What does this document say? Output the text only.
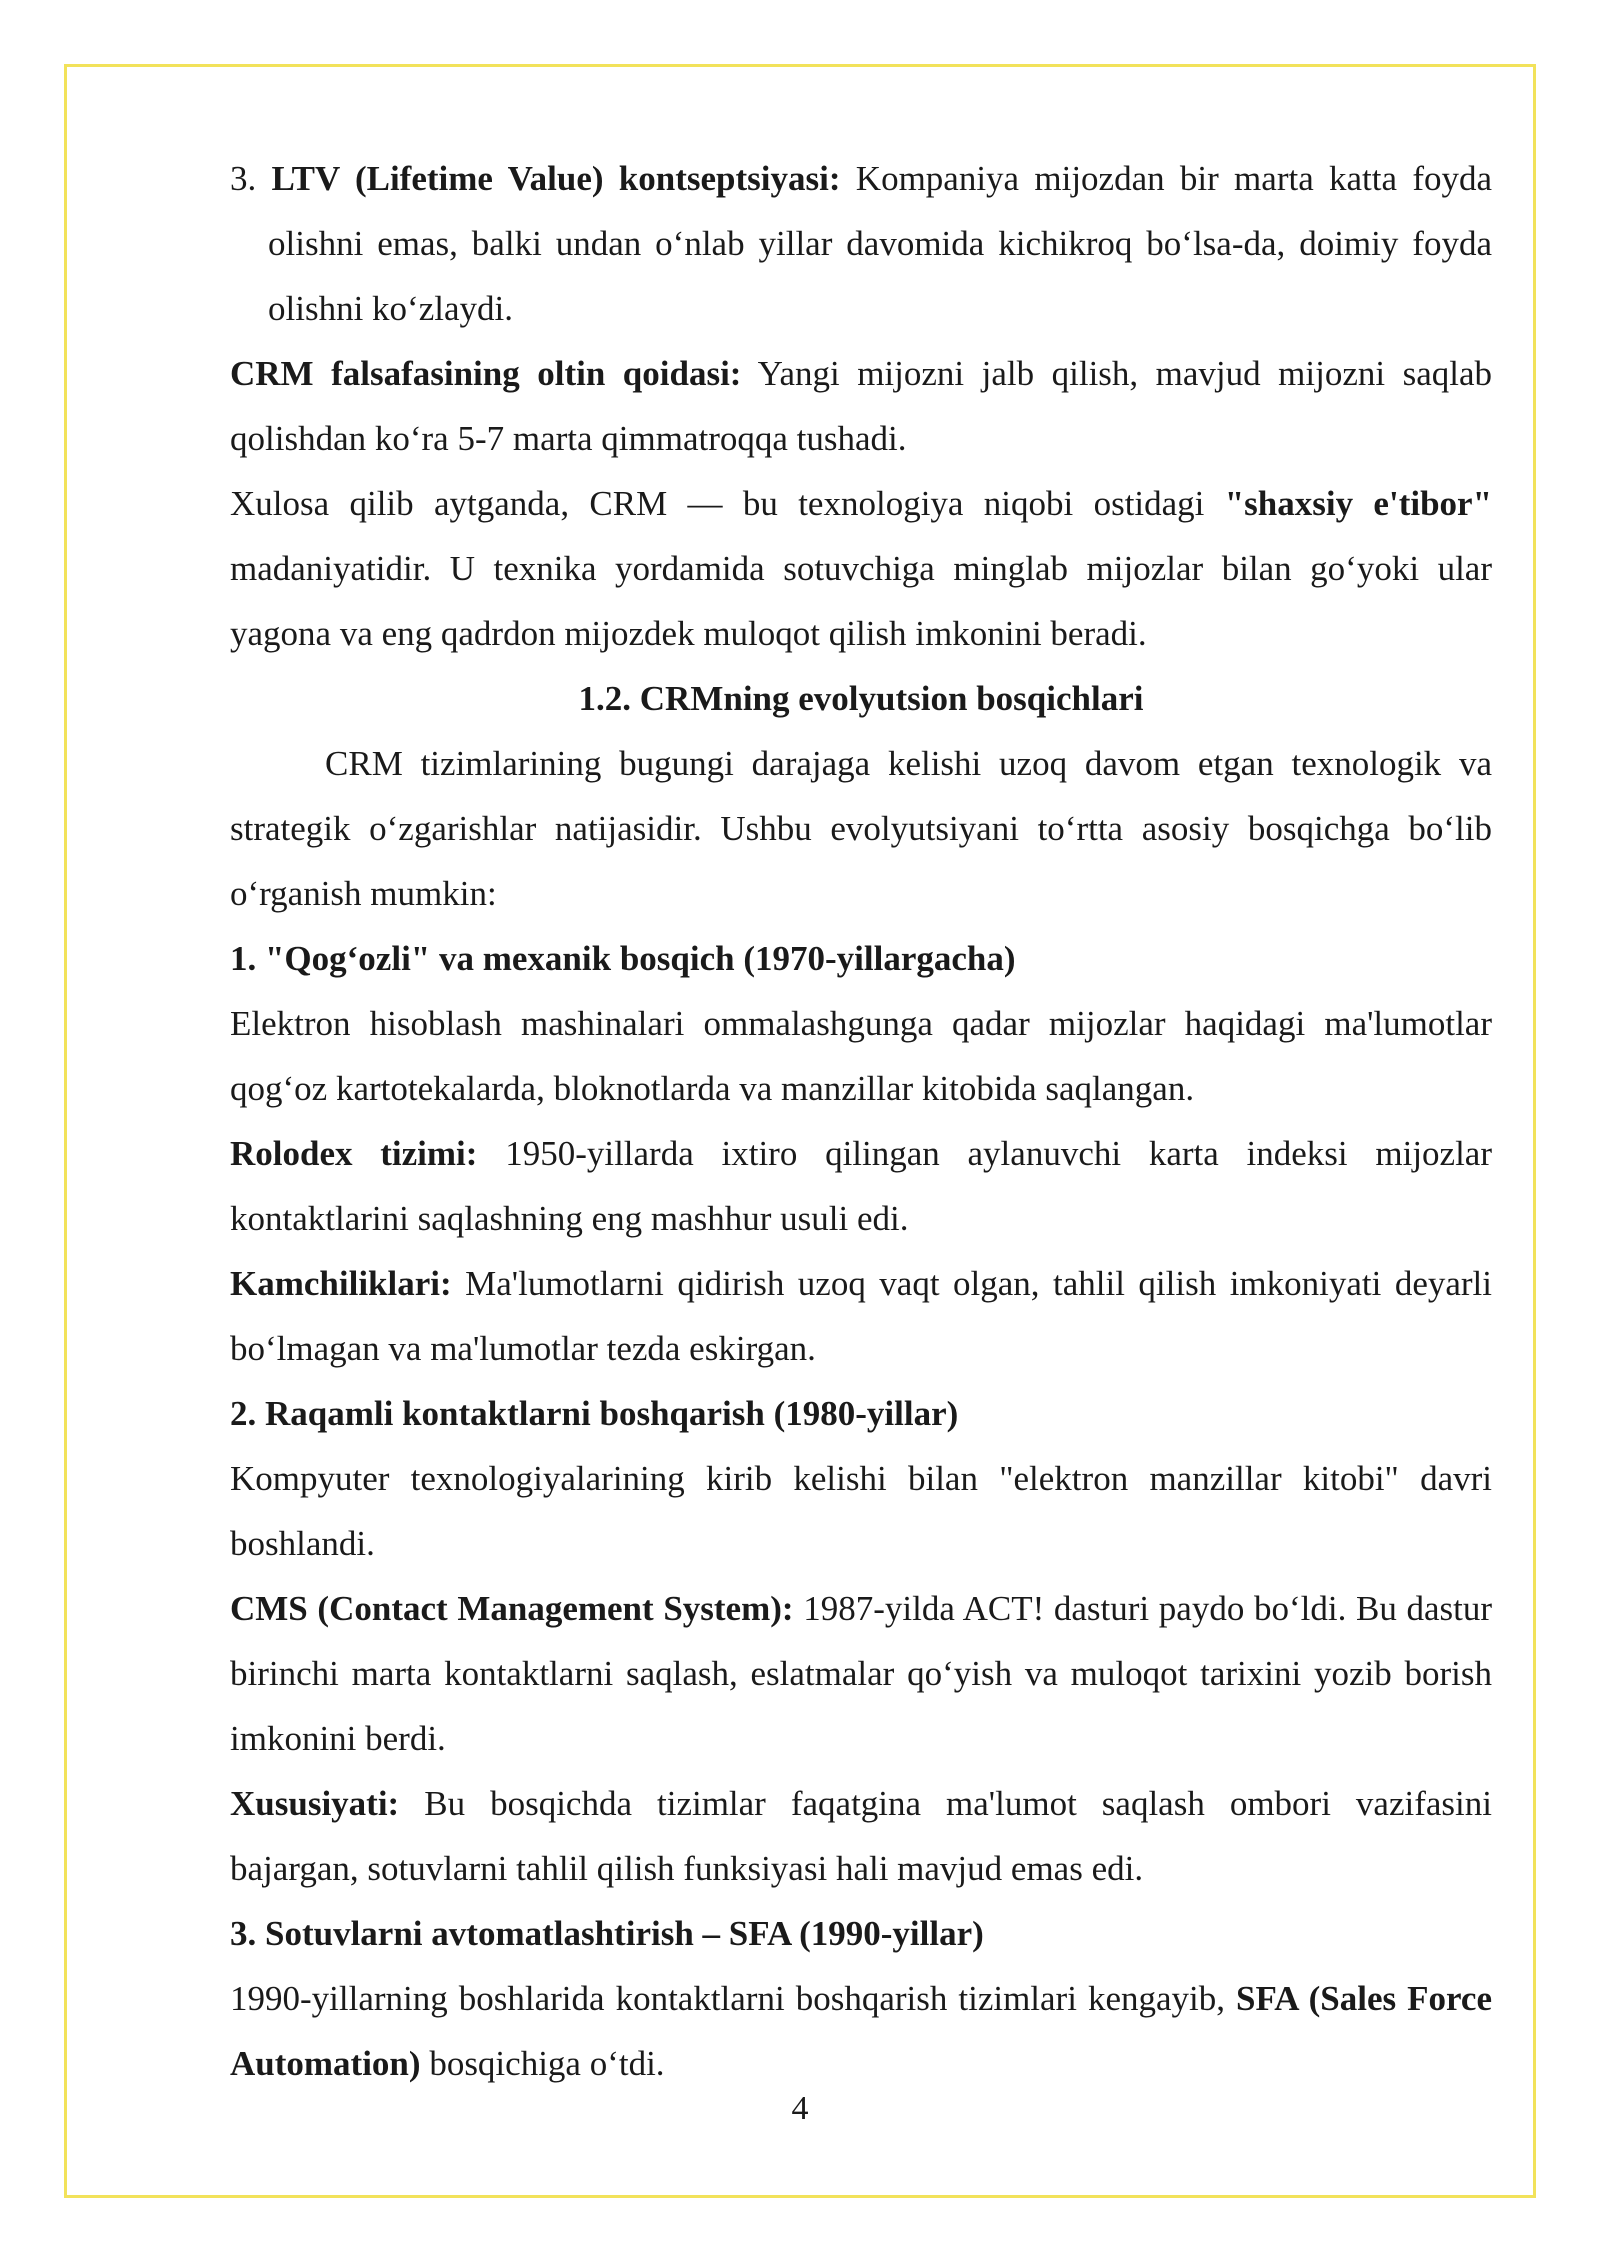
3. LTV (Lifetime Value) kontseptsiyasi: Kompaniya mijozdan bir marta katta foyda olishni emas, balki undan o‘nlab yillar davomida kichikroq bo‘lsa-da, doimiy foyda olishni ko‘zlaydi.

CRM falsafasining oltin qoidasi: Yangi mijozni jalb qilish, mavjud mijozni saqlab qolishdan ko‘ra 5-7 marta qimmatroqqa tushadi.

Xulosa qilib aytganda, CRM — bu texnologiya niqobi ostidagi "shaxsiy e'tibor" madaniyatidir. U texnika yordamida sotuvchiga minglab mijozlar bilan go‘yoki ular yagona va eng qadrdon mijozdek muloqot qilish imkonini beradi.

1.2. CRMning evolyutsion bosqichlari

CRM tizimlarining bugungi darajaga kelishi uzoq davom etgan texnologik va strategik o‘zgarishlar natijasidir. Ushbu evolyutsiyani to‘rtta asosiy bosqichga bo‘lib o‘rganish mumkin:

1. "Qog‘ozli" va mexanik bosqich (1970-yillargacha)

Elektron hisoblash mashinalari ommalashgunga qadar mijozlar haqidagi ma'lumotlar qog‘oz kartotekalarda, bloknotlarda va manzillar kitobida saqlangan.

Rolodex tizimi: 1950-yillarda ixtiro qilingan aylanuvchi karta indeksi mijozlar kontaktlarini saqlashning eng mashhur usuli edi.

Kamchiliklari: Ma'lumotlarni qidirish uzoq vaqt olgan, tahlil qilish imkoniyati deyarli bo‘lmagan va ma'lumotlar tezda eskirgan.

2. Raqamli kontaktlarni boshqarish (1980-yillar)

Kompyuter texnologiyalarining kirib kelishi bilan "elektron manzillar kitobi" davri boshlandi.

CMS (Contact Management System): 1987-yilda ACT! dasturi paydo bo‘ldi. Bu dastur birinchi marta kontaktlarni saqlash, eslatmalar qo‘yish va muloqot tarixini yozib borish imkonini berdi.

Xususiyati: Bu bosqichda tizimlar faqatgina ma'lumot saqlash ombori vazifasini bajargan, sotuvlarni tahlil qilish funksiyasi hali mavjud emas edi.

3. Sotuvlarni avtomatlashtirish – SFA (1990-yillar)

1990-yillarning boshlarida kontaktlarni boshqarish tizimlari kengayib, SFA (Sales Force Automation) bosqichiga o‘tdi.

4
